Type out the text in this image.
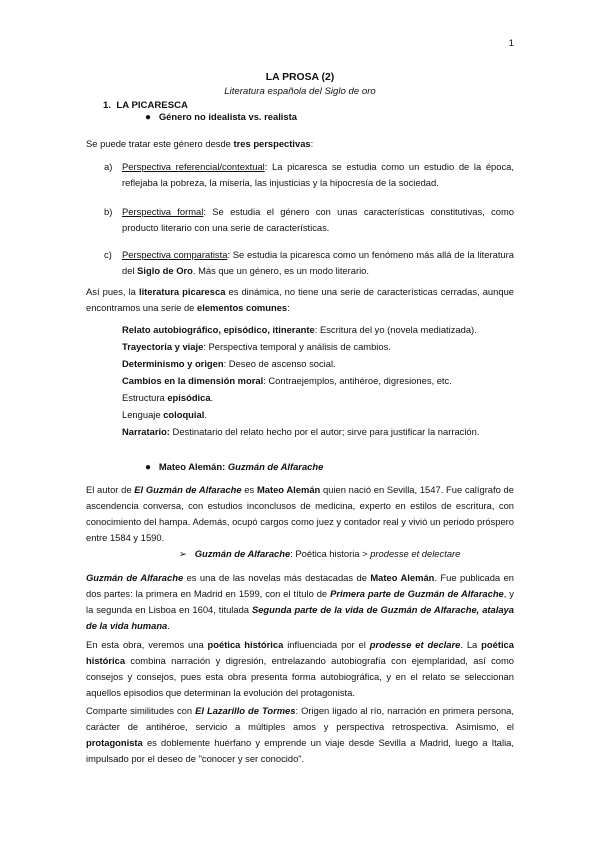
1
LA PROSA (2)
Literatura española del Siglo de oro
1. LA PICARESCA
● Género no idealista vs. realista

Se puede tratar este género desde tres perspectivas:

a) Perspectiva referencial/contextual: La picaresca se estudia como un estudio de la época, reflejaba la pobreza, la miseria, las injusticias y la hipocresía de la sociedad.

b) Perspectiva formal: Se estudia el género con unas características constitutivas, como producto literario con una serie de características.

c) Perspectiva comparatista: Se estudia la picaresca como un fenómeno más allá de la literatura del Siglo de Oro. Más que un género, es un modo literario.

Así pues, la literatura picaresca es dinámica, no tiene una serie de características cerradas, aunque encontramos una serie de elementos comunes:

Relato autobiográfico, episódico, itinerante: Escritura del yo (novela mediatizada).
Trayectoria y viaje: Perspectiva temporal y análisis de cambios.
Determinismo y origen: Deseo de ascenso social.
Cambios en la dimensión moral: Contraejemplos, antihéroe, digresiones, etc.
Estructura episódica.
Lenguaje coloquial.
Narratario: Destinatario del relato hecho por el autor; sirve para justificar la narración.
● Mateo Alemán: Guzmán de Alfarache

El autor de El Guzmán de Alfarache es Mateo Alemán quien nació en Sevilla, 1547. Fue calígrafo de ascendencia conversa, con estudios inconclusos de medicina, experto en estilos de escritura, con conocimiento del hampa. Además, ocupó cargos como juez y contador real y vivió un periodo próspero entre 1584 y 1590.

➢ Guzmán de Alfarache: Poética historia > prodesse et delectare

Guzmán de Alfarache es una de las novelas más destacadas de Mateo Alemán. Fue publicada en dos partes: la primera en Madrid en 1599, con el título de Primera parte de Guzmán de Alfarache, y la segunda en Lisboa en 1604, titulada Segunda parte de la vida de Guzmán de Alfarache, atalaya de la vida humana.

En esta obra, veremos una poética histórica influenciada por el prodesse et declare. La poética histórica combina narración y digresión, entrelazando autobiografía con ejemplaridad, así como consejos y consejos, pues esta obra presenta forma autobiográfica, y en el relato se seleccionan aquellos episodios que determinan la evolución del protagonista.

Comparte similitudes con El Lazarillo de Tormes: Origen ligado al río, narración en primera persona, carácter de antihéroe, servicio a múltiples amos y perspectiva retrospectiva. Asimismo, el protagonista es doblemente huérfano y emprende un viaje desde Sevilla a Madrid, luego a Italia, impulsado por el deseo de "conocer y ser conocido".
